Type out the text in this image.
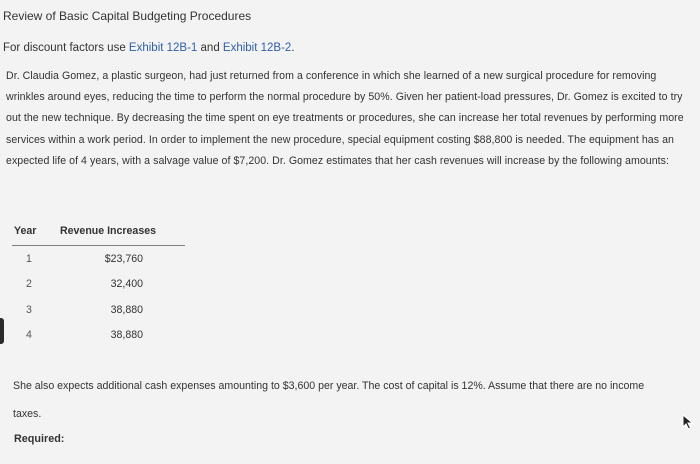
Review of Basic Capital Budgeting Procedures
For discount factors use Exhibit 12B-1 and Exhibit 12B-2.
Dr. Claudia Gomez, a plastic surgeon, had just returned from a conference in which she learned of a new surgical procedure for removing wrinkles around eyes, reducing the time to perform the normal procedure by 50%. Given her patient-load pressures, Dr. Gomez is excited to try out the new technique. By decreasing the time spent on eye treatments or procedures, she can increase her total revenues by performing more services within a work period. In order to implement the new procedure, special equipment costing $88,800 is needed. The equipment has an expected life of 4 years, with a salvage value of $7,200. Dr. Gomez estimates that her cash revenues will increase by the following amounts:
Year	Revenue Increases
1	$23,760
2	32,400
3	38,880
4	38,880
She also expects additional cash expenses amounting to $3,600 per year. The cost of capital is 12%. Assume that there are no income taxes.
Required:
